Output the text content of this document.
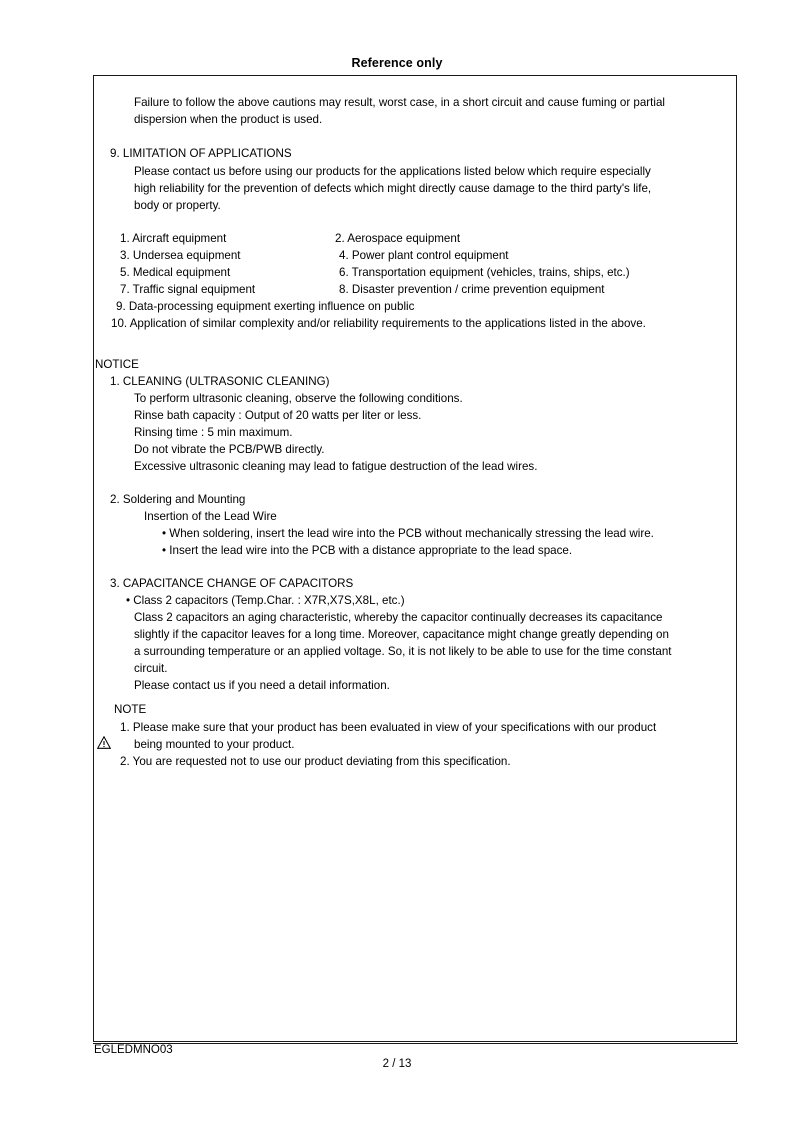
Reference only
Failure to follow the above cautions may result, worst case, in a short circuit and cause fuming or partial
dispersion when the product is used.
9. LIMITATION OF APPLICATIONS
Please contact us before using our products for the applications listed below which require especially
high reliability for the prevention of defects which might directly cause damage to the third party's life,
body or property.
1. Aircraft equipment	2. Aerospace equipment
3. Undersea equipment	4. Power plant control equipment
5. Medical equipment	6. Transportation equipment (vehicles, trains, ships, etc.)
7. Traffic signal equipment	8. Disaster prevention / crime prevention equipment
9. Data-processing equipment exerting influence on public
10. Application of similar complexity and/or reliability requirements to the applications listed in the above.
NOTICE
1. CLEANING (ULTRASONIC CLEANING)
To perform ultrasonic cleaning, observe the following conditions.
Rinse bath capacity : Output of 20 watts per liter or less.
Rinsing time : 5 min maximum.
Do not vibrate the PCB/PWB directly.
Excessive ultrasonic cleaning may lead to fatigue destruction of the lead wires.
2. Soldering and Mounting
Insertion of the Lead Wire
• When soldering, insert the lead wire into the PCB without mechanically stressing the lead wire.
• Insert the lead wire into the PCB with a distance appropriate to the lead space.
3. CAPACITANCE CHANGE OF CAPACITORS
• Class 2 capacitors (Temp.Char. : X7R,X7S,X8L, etc.)
Class 2 capacitors an aging characteristic, whereby the capacitor continually decreases its capacitance
slightly if the capacitor leaves for a long time. Moreover, capacitance might change greatly depending on
a surrounding temperature or an applied voltage. So, it is not likely to be able to use for the time constant
circuit.
Please contact us if you need a detail information.

NOTE
1. Please make sure that your product has been evaluated in view of your specifications with our product
being mounted to your product.
2. You are requested not to use our product deviating from this specification.
EGLEDMNO03
2 / 13
